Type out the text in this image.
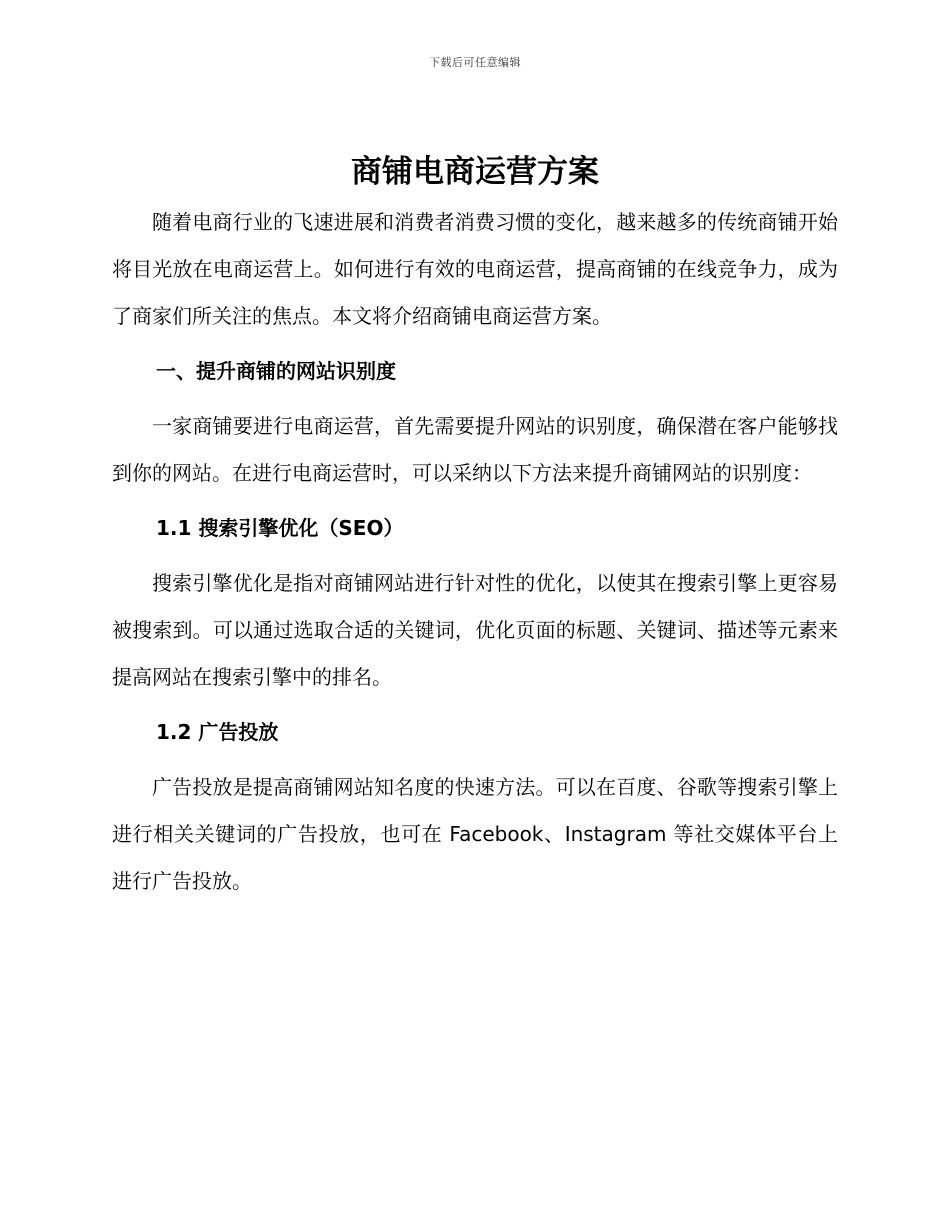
下载后可任意编辑
商铺电商运营方案

随着电商行业的飞速进展和消费者消费习惯的变化，越来越多的传统商铺开始将目光放在电商运营上。如何进行有效的电商运营，提高商铺的在线竞争力，成为了商家们所关注的焦点。本文将介绍商铺电商运营方案。

一、提升商铺的网站识别度

一家商铺要进行电商运营，首先需要提升网站的识别度，确保潜在客户能够找到你的网站。在进行电商运营时，可以采纳以下方法来提升商铺网站的识别度：

1.1 搜索引擎优化（SEO）

搜索引擎优化是指对商铺网站进行针对性的优化，以使其在搜索引擎上更容易被搜索到。可以通过选取合适的关键词，优化页面的标题、关键词、描述等元素来提高网站在搜索引擎中的排名。

1.2 广告投放

广告投放是提高商铺网站知名度的快速方法。可以在百度、谷歌等搜索引擎上进行相关关键词的广告投放，也可在 Facebook、Instagram 等社交媒体平台上进行广告投放。
